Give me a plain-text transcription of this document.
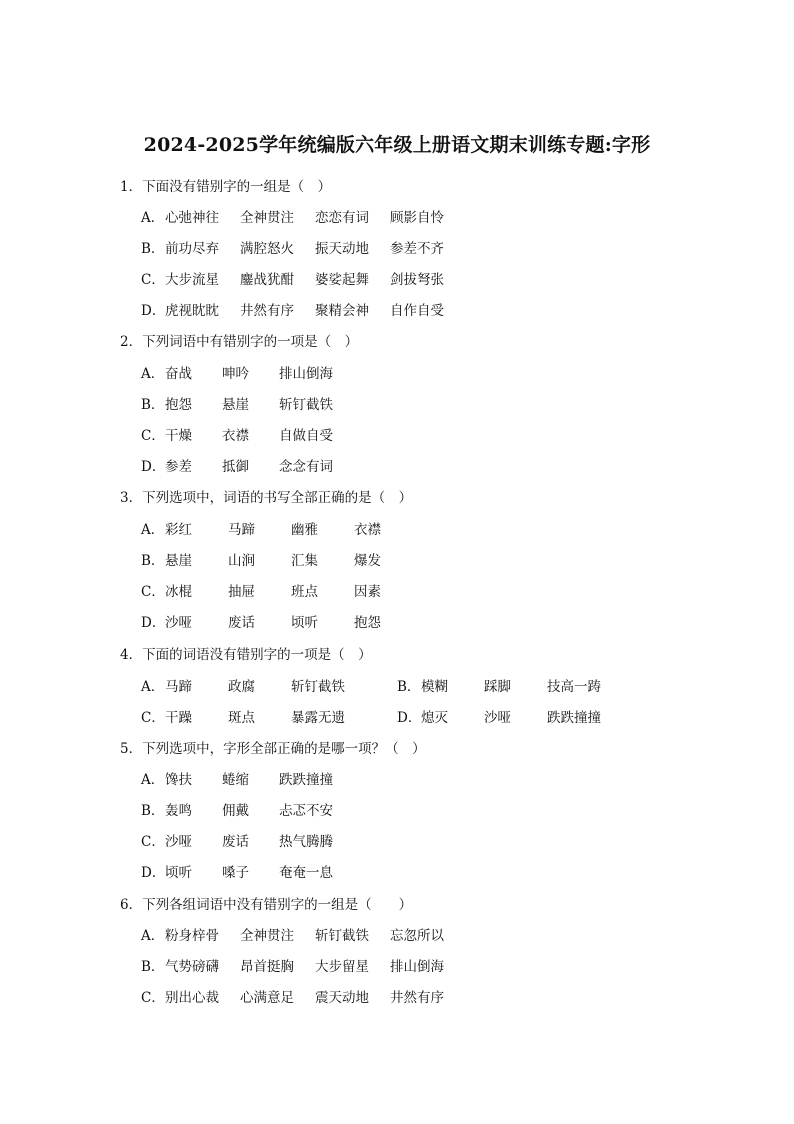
2024-2025学年统编版六年级上册语文期末训练专题:字形
1．下面没有错别字的一组是（　）
A．心弛神往 全神贯注 恋恋有词 顾影自怜
B．前功尽弃 满腔怒火 振天动地 参差不齐
C．大步流星 鏖战犹酣 婆娑起舞 剑拔弩张
D．虎视眈眈 井然有序 聚精会神 自作自受
2．下列词语中有错别字的一项是（　）
A．奋战 呻吟 排山倒海
B．抱怨 悬崖 斩钉截铁
C．干燥 衣襟 自做自受
D．参差 抵御 念念有词
3．下列选项中，词语的书写全部正确的是（　）
A．彩红	马蹄	幽雅	衣襟
B．悬崖	山涧	汇集	爆发
C．冰棍	抽屉	班点	因素
D．沙哑	废话	顷听	抱怨
4．下面的词语没有错别字的一项是（　）
A．马蹄	政腐	斩钉截铁	B．模糊	踩脚	技高一踌
C．干躁	斑点	暴露无遗	D．熄灭	沙哑	跌跌撞撞
5．下列选项中，字形全部正确的是哪一项？（　）
A．馋扶 蜷缩 跌跌撞撞
B．轰鸣 佣戴 忐忑不安
C．沙哑 废话 热气腾腾
D．顷听 嗓子 奄奄一息
6．下列各组词语中没有错别字的一组是（　　）
A．粉身梓骨 全神贯注 斩钉截铁 忘忽所以
B．气势磅礴 昂首挺胸 大步留星 排山倒海
C．别出心裁 心满意足 震天动地 井然有序
